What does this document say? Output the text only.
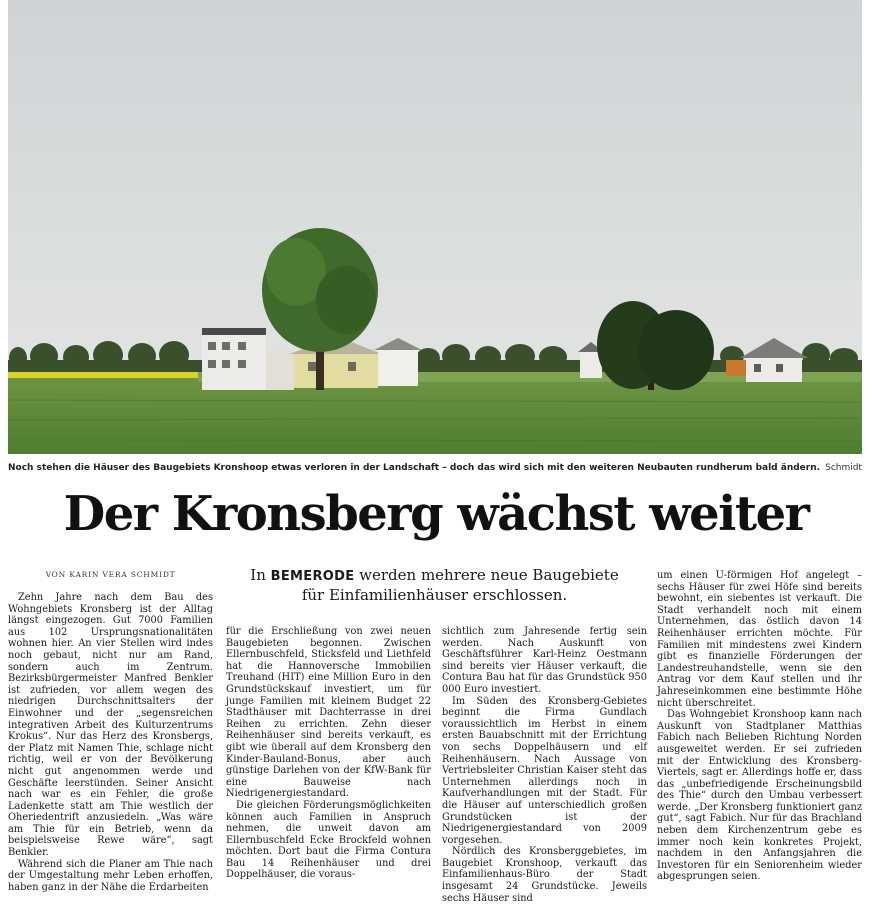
Noch stehen die Häuser des Baugebiets Kronshoop etwas verloren in der Landschaft – doch das wird sich mit den weiteren Neubauten rundherum bald ändern. Schmidt
Der Kronsberg wächst weiter
VON KARIN VERA SCHMIDT	In BEMERODE werden mehrere neue Baugebiete
für Einfamilienhäuser erschlossen.

Zehn Jahre nach dem Bau des Wohngebiets Kronsberg ist der Alltag längst eingezogen. Gut 7000 Familien aus 102 Ursprungsnationalitäten wohnen hier. An vier Stellen wird indes noch gebaut, nicht nur am Rand, sondern auch im Zentrum. Bezirksbürgermeister Manfred Benkler ist zufrieden, vor allem wegen des niedrigen Durchschnittsalters der Einwohner und der „segensreichen integrativen Arbeit des Kulturzentrums Krokus“. Nur das Herz des Kronsbergs, der Platz mit Namen Thie, schlage nicht richtig, weil er von der Bevölkerung nicht gut angenommen werde und Geschäfte leerstünden. Seiner Ansicht nach war es ein Fehler, die große Ladenkette statt am Thie westlich der Oheriedentrift anzusiedeln. „Was wäre am Thie für ein Betrieb, wenn da beispielsweise Rewe wäre“, sagt Benkler.

Während sich die Planer am Thie nach der Umgestaltung mehr Leben erhoffen, haben ganz in der Nähe die Erdarbeiten

für die Erschließung von zwei neuen Baugebieten begonnen. Zwischen Ellernbuschfeld, Sticksfeld und Liethfeld hat die Hannoversche Immobilien Treuhand (HIT) eine Million Euro in den Grundstückskauf investiert, um für junge Familien mit kleinem Budget 22 Stadthäuser mit Dachterrasse in drei Reihen zu errichten. Zehn dieser Reihenhäuser sind bereits verkauft, es gibt wie überall auf dem Kronsberg den Kinder-Bauland-Bonus, aber auch günstige Darlehen von der KfW-Bank für eine Bauweise nach Niedrigenergiestandard.

Die gleichen Förderungsmöglichkeiten können auch Familien in Anspruch nehmen, die unweit davon am Ellernbuschfeld Ecke Brockfeld wohnen möchten. Dort baut die Firma Contura Bau 14 Reihenhäuser und drei Doppelhäuser, die voraus-

sichtlich zum Jahresende fertig sein werden. Nach Auskunft von Geschäftsführer Karl-Heinz Oestmann sind bereits vier Häuser verkauft, die Contura Bau hat für das Grundstück 950 000 Euro investiert.

Im Süden des Kronsberg-Gebietes beginnt die Firma Gundlach voraussichtlich im Herbst in einem ersten Bauabschnitt mit der Errichtung von sechs Doppelhäusern und elf Reihenhäusern. Nach Aussage von Vertriebsleiter Christian Kaiser steht das Unternehmen allerdings noch in Kaufverhandlungen mit der Stadt. Für die Häuser auf unterschiedlich großen Grundstücken ist der Niedrigenergiestandard von 2009 vorgesehen.

Nördlich des Kronsberggebietes, im Baugebiet Kronshoop, verkauft das Einfamilienhaus-Büro der Stadt insgesamt 24 Grundstücke. Jeweils sechs Häuser sind

um einen U-förmigen Hof angelegt – sechs Häuser für zwei Höfe sind bereits bewohnt, ein siebentes ist verkauft. Die Stadt verhandelt noch mit einem Unternehmen, das östlich davon 14 Reihenhäuser errichten möchte. Für Familien mit mindestens zwei Kindern gibt es finanzielle Förderungen der Landestreuhandstelle, wenn sie den Antrag vor dem Kauf stellen und ihr Jahreseinkommen eine bestimmte Höhe nicht überschreitet.

Das Wohngebiet Kronshoop kann nach Auskunft von Stadtplaner Matthias Fabich nach Belieben Richtung Norden ausgeweitet werden. Er sei zufrieden mit der Entwicklung des Kronsberg-Viertels, sagt er. Allerdings hoffe er, dass das „unbefriedigende Erscheinungsbild des Thie“ durch den Umbau verbessert werde. „Der Kronsberg funktioniert ganz gut“, sagt Fabich. Nur für das Brachland neben dem Kirchenzentrum gebe es immer noch kein konkretes Projekt, nachdem in den Anfangsjahren die Investoren für ein Seniorenheim wieder abgesprungen seien.
